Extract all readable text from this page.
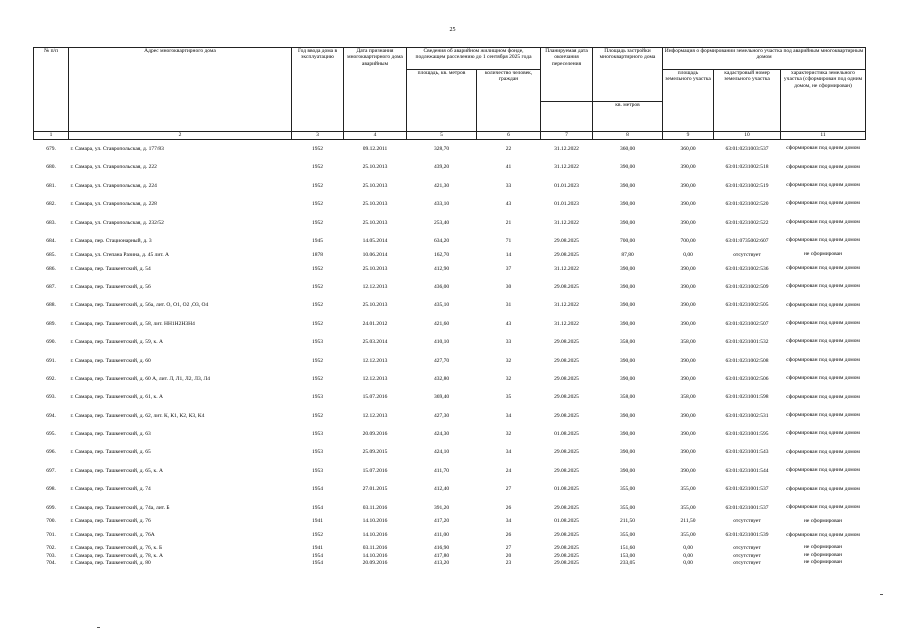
25
№ п/п	Адрес многоквартирного дома	Год ввода дома в эксплуатацию	Дата признания многоквартирного дома аварийным	Сведения об аварийном жилищном фонде, подлежащем расселению до 1 сентября 2025 года		Планируемая дата окончания переселения	Площадь застройки многоквартирного дома	Информация о формировании земельного участка под аварийным многоквартирным домом		
				площадь, кв. метров	количество человек, граждан			площадь земельного участка	кадастровый номер земельного участка	характеристика земельного участка (сформирован под одним домом, не сформирован)
							кв. метров			
1	2	3	4	5	6	7	8	9	10	11
679.	г. Самара, ул. Ставропольская, д. 177/83	1952	09.12.2011	328,70	22	31.12.2022	360,00	360,00	63:01:0231003:537	сформирован под одним домом
680.	г. Самара, ул. Ставропольская, д. 222	1952	25.10.2013	439,20	41	31.12.2022	390,00	390,00	63:01:0231002:518	сформирован под одним домом
681.	г. Самара, ул. Ставропольская, д. 224	1952	25.10.2013	421,30	33	01.01.2023	390,00	390,00	63:01:0231002:519	сформирован под одним домом
682.	г. Самара, ул. Ставропольская, д. 228	1952	25.10.2013	433,10	43	01.01.2023	390,00	390,00	63:01:0231002:520	сформирован под одним домом
683.	г. Самара, ул. Ставропольская, д. 232/52	1952	25.10.2013	253,40	21	31.12.2022	390,00	390,00	63:01:0231002:522	сформирован под одним домом
684.	г. Самара, пер. Стационарный, д. 3	1945	14.05.2014	634,20	71	29.08.2025	700,00	700,00	63:01:0735002:607	сформирован под одним домом
685.	г. Самара, ул. Степана Разина, д. 45 лит. А	1878	10.06.2014	162,70	14	29.08.2025	87,80	0,00	отсутствует	не сформирован
686.	г. Самара, пер. Ташкентский, д. 54	1952	25.10.2013	412,90	37	31.12.2022	390,00	390,00	63:01:0231002:536	сформирован под одним домом
687.	г. Самара, пер. Ташкентский, д. 56	1952	12.12.2013	436,00	30	29.08.2025	390,00	390,00	63:01:0231002:509	сформирован под одним домом
688.	г. Самара, пер. Ташкентский, д. 56а, лит. О, О1, О2 ,О3, О4	1952	25.10.2013	435,10	31	31.12.2022	390,00	390,00	63:01:0231002:505	сформирован под одним домом
689.	г. Самара, пер. Ташкентский, д. 58, лит. НН1Н2Н3Н4	1952	24.01.2012	421,60	43	31.12.2022	390,00	390,00	63:01:0231002:507	сформирован под одним домом
690.	г. Самара, пер. Ташкентский, д. 59, к. А	1953	25.03.2014	410,10	33	29.08.2025	358,00	358,00	63:01:0231001:532	сформирован под одним домом
691.	г. Самара, пер. Ташкентский, д. 60	1952	12.12.2013	427,70	32	29.08.2025	390,00	390,00	63:01:0231002:508	сформирован под одним домом
692.	г. Самара, пер. Ташкентский, д. 60 А, лит. Л, Л1, Л2, Л3, Л4	1952	12.12.2013	432,80	32	29.08.2025	390,00	390,00	63:01:0231002:506	сформирован под одним домом
693.	г. Самара, пер. Ташкентский, д. 61, к. А	1953	15.07.2016	369,40	35	29.08.2025	358,00	358,00	63:01:0231001:598	сформирован под одним домом
694.	г. Самара, пер. Ташкентский, д. 62, лит. К, К1, К2, К3, К4	1952	12.12.2013	427,30	34	29.08.2025	390,00	390,00	63:01:0231002:531	сформирован под одним домом
695.	г. Самара, пер. Ташкентский, д. 63	1953	20.09.2016	424,30	32	01.08.2025	390,00	390,00	63:01:0231001:595	сформирован под одним домом
696.	г. Самара, пер. Ташкентский, д. 65	1953	25.09.2015	424,10	34	29.08.2025	390,00	390,00	63:01:0231001:543	сформирован под одним домом
697.	г. Самара, пер. Ташкентский, д. 65, к. А	1953	15.07.2016	411,70	24	29.08.2025	390,00	390,00	63:01:0231001:544	сформирован под одним домом
698.	г. Самара, пер. Ташкентский, д. 74	1954	27.01.2015	412,40	27	01.08.2025	355,00	355,00	63:01:0231001:537	сформирован под одним домом
699.	г. Самара, пер. Ташкентский, д. 74а, лит. Б	1954	03.11.2016	391,20	26	29.08.2025	355,00	355,00	63:01:0231001:537	сформирован под одним домом
700.	г. Самара, пер. Ташкентский, д. 76	1941	14.10.2016	417,20	34	01.08.2025	211,50	211,50	отсутствует	не сформирован
701.	г. Самара, пер. Ташкентский, д. 76А	1952	14.10.2016	411,00	26	29.08.2025	355,00	355,00	63:01:0231001:539	сформирован под одним домом
702.	г. Самара, пер. Ташкентский, д. 76, к. Б	1941	03.11.2016	416,90	27	29.08.2025	151,60	0,00	отсутствует	не сформирован
703.	г. Самара, пер. Ташкентский, д. 78, к. А	1954	14.10.2016	417,80	20	29.08.2025	153,00	0,00	отсутствует	не сформирован
704.	г. Самара, пер. Ташкентский, д. 80	1954	20.09.2016	413,20	23	29.08.2025	233,05	0,00	отсутствует	не сформирован
